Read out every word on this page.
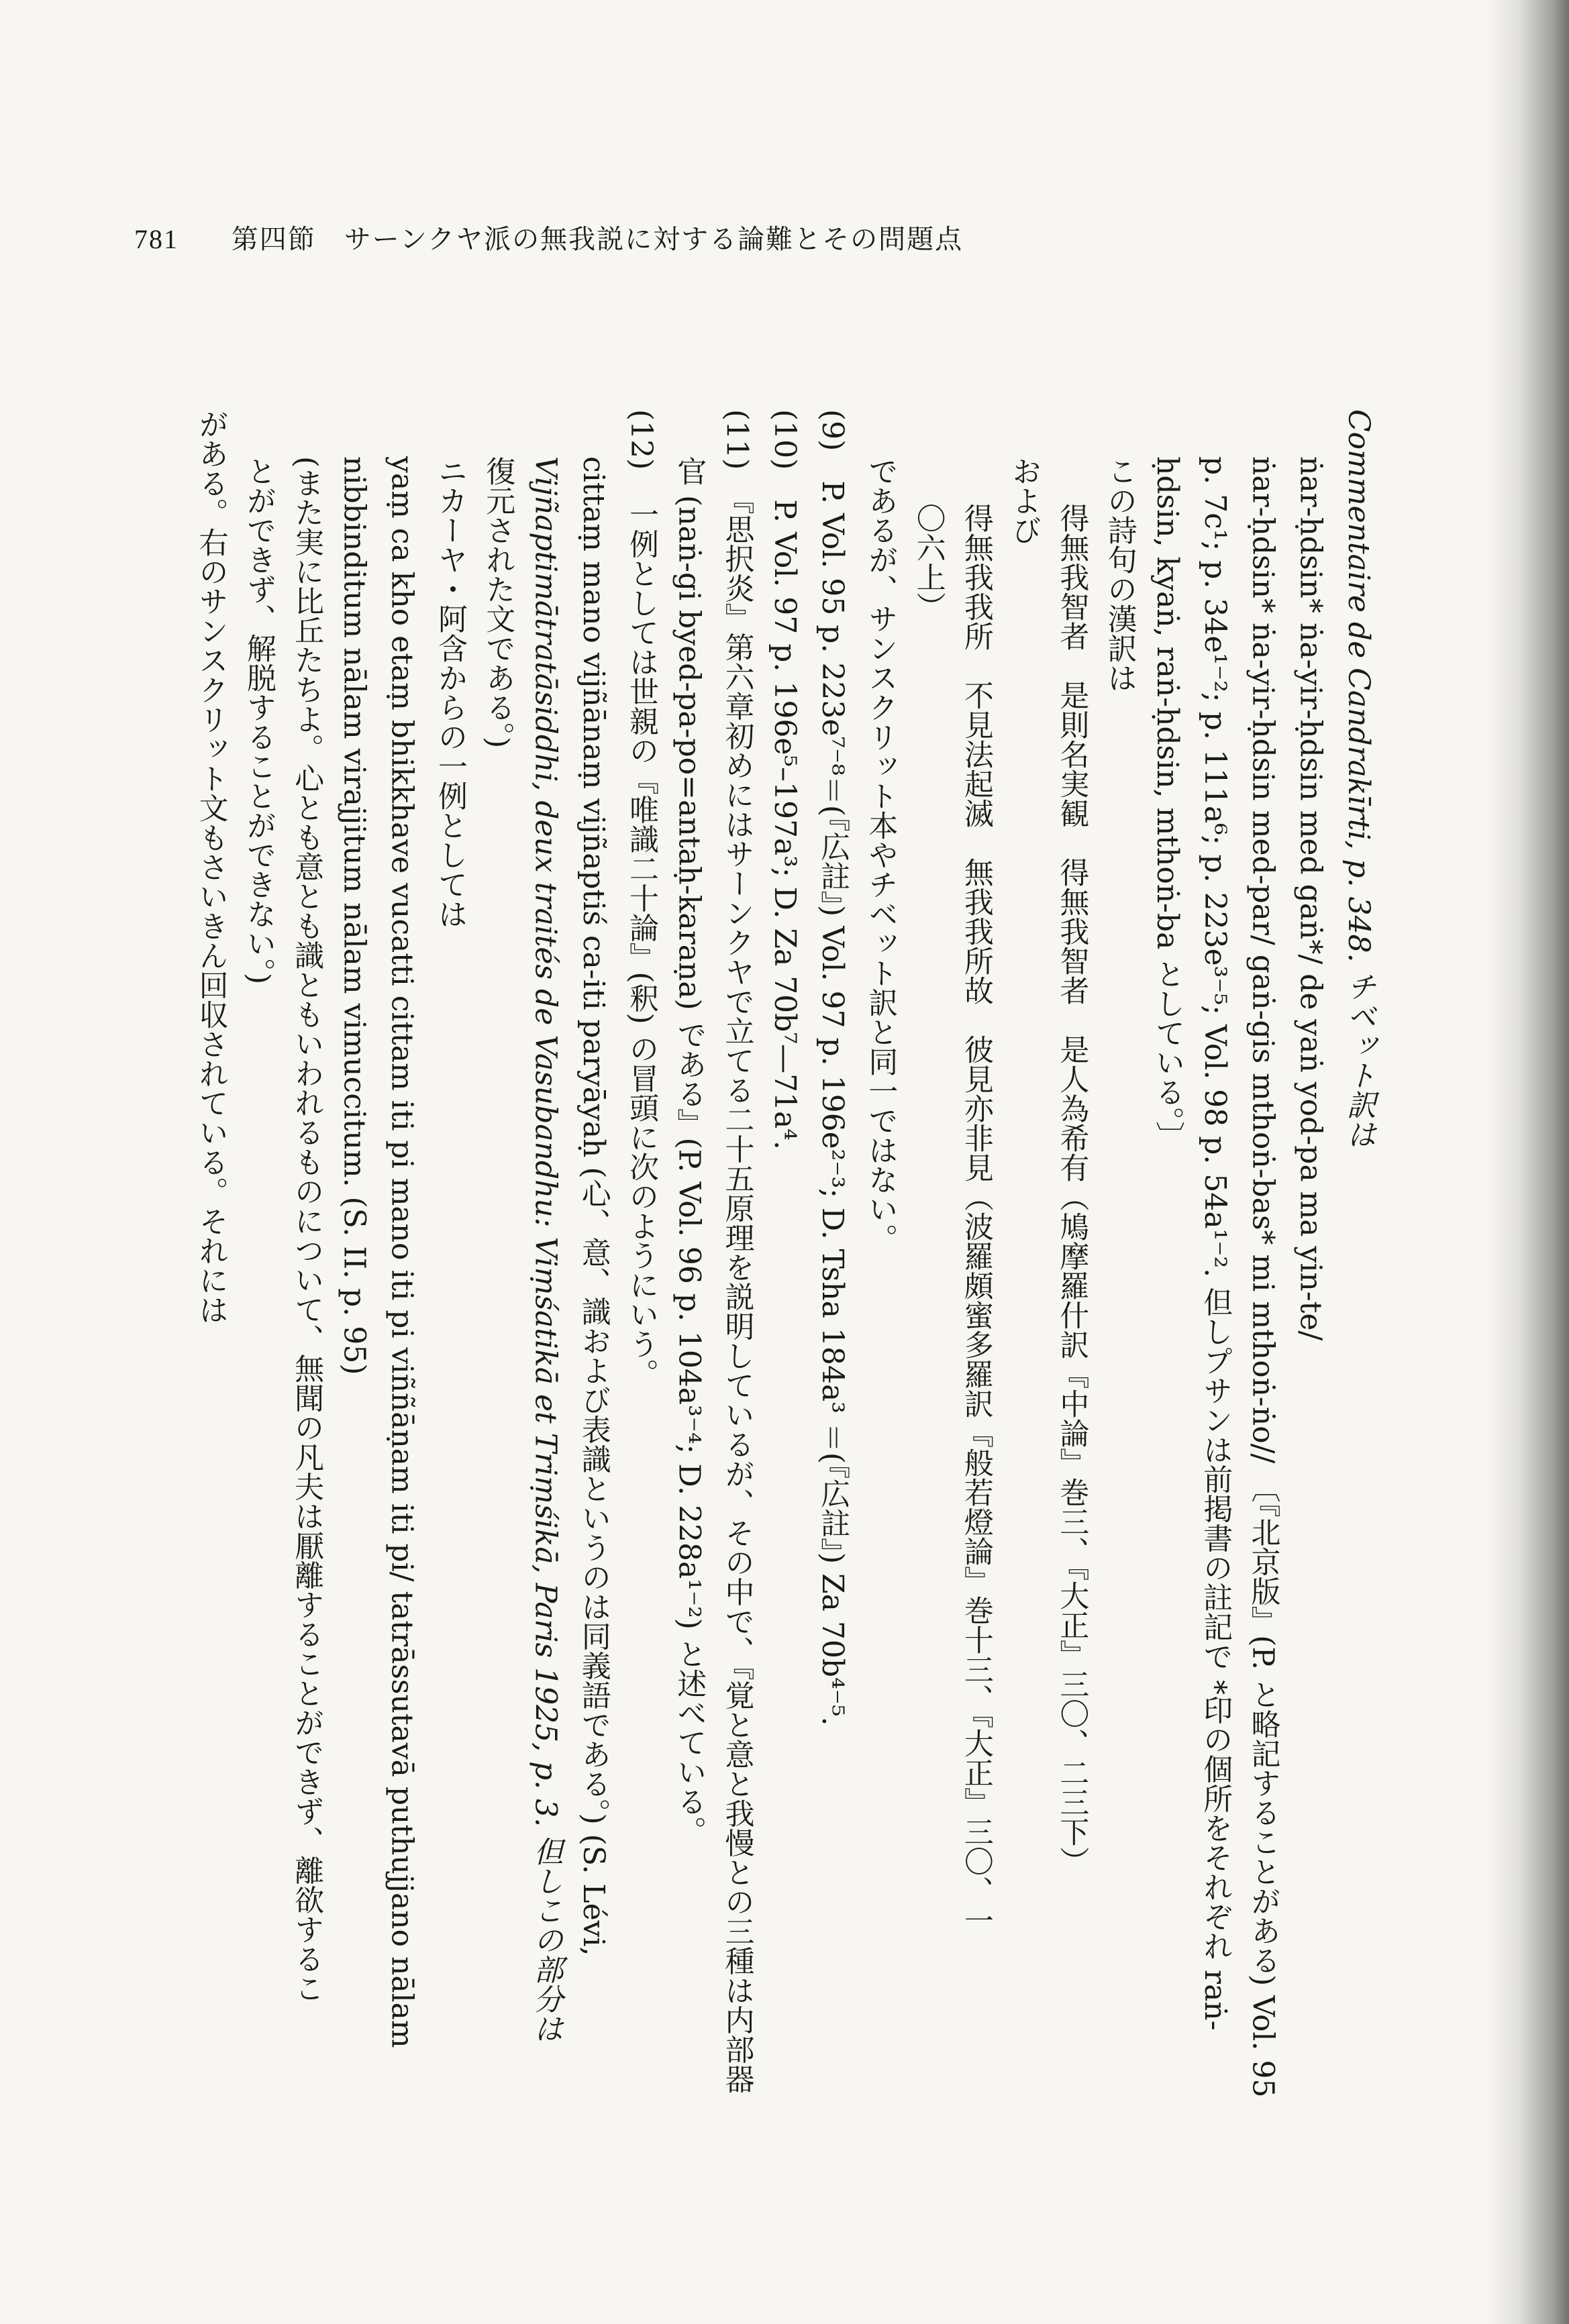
781 第四節　サーンクヤ派の無我説に対する論難とその問題点
Commentaire de Candrakīrti, p. 348. チベット訳は
ṅar-ḥdsin* ṅa-yir-ḥdsin med gaṅ*/ de yaṅ yod-pa ma yin-te/
ṅar-ḥdsin* ṅa-yir-ḥdsin med-par/ gaṅ-gis mthoṅ-bas* mi mthoṅ-ṅo// 〔『北京版』(P. と略記することがある) Vol. 95
p. 7c¹; p. 34e¹⁻²; p. 111a⁶; p. 223e³⁻⁵; Vol. 98 p. 54a¹⁻². 但しプサンは前掲書の註記で *印の個所をそれぞれ raṅ-
ḥdsin, kyaṅ, raṅ-ḥdsin, mthoṅ-ba としている。〕
この詩句の漢訳は
得無我智者　是則名実観　得無我智者　是人為希有（鳩摩羅什訳『中論』巻三、『大正』三〇、二三下）
および
得無我我所　不見法起滅　無我我所故　彼見亦非見（波羅頗蜜多羅訳『般若燈論』巻十三、『大正』三〇、一
〇六上）
であるが、サンスクリット本やチベット訳と同一ではない。
(9)　P. Vol. 95 p. 223e⁷⁻⁸＝(『広註』) Vol. 97 p. 196e²⁻³; D. Tsha 184a³ ＝(『広註』) Za 70b⁴⁻⁵.
(10)　P. Vol. 97 p. 196e⁵–197a³; D. Za 70b⁷—71a⁴.
(11)　『思択炎』第六章初めにはサーンクヤで立てる二十五原理を説明しているが、その中で、『覚と意と我慢との三種は内部器
官 (naṅ-gi byed-pa-po=antaḥ-karaṇa) である』(P. Vol. 96 p. 104a³⁻⁴; D. 228a¹⁻²) と述べている。
(12)　一例としては世親の『唯識二十論』(釈) の冒頭に次のようにいう。
cittaṃ mano vijñānaṃ vijñaptiś ca-iti paryāyaḥ (心、意、識および表識というのは同義語である。) (S. Lévi,
Vijñaptimātratāsiddhi, deux traités de Vasubandhu: Viṃśatikā et Triṃśikā, Paris 1925, p. 3. 但しこの部分は
復元された文である。)
ニカーヤ・阿含からの一例としては
yaṃ ca kho etaṃ bhikkhave vucatti cittam iti pi mano iti pi viññāṇam iti pi/ tatrāssutavā puthujjano nālam
nibbinditum nālam virajjitum nālam vimuccitum. (S. II. p. 95)
(また実に比丘たちよ。心とも意とも識ともいわれるものについて、無聞の凡夫は厭離することができず、離欲するこ
とができず、解脱することができない。)
がある。右のサンスクリット文もさいきん回収されている。それには
